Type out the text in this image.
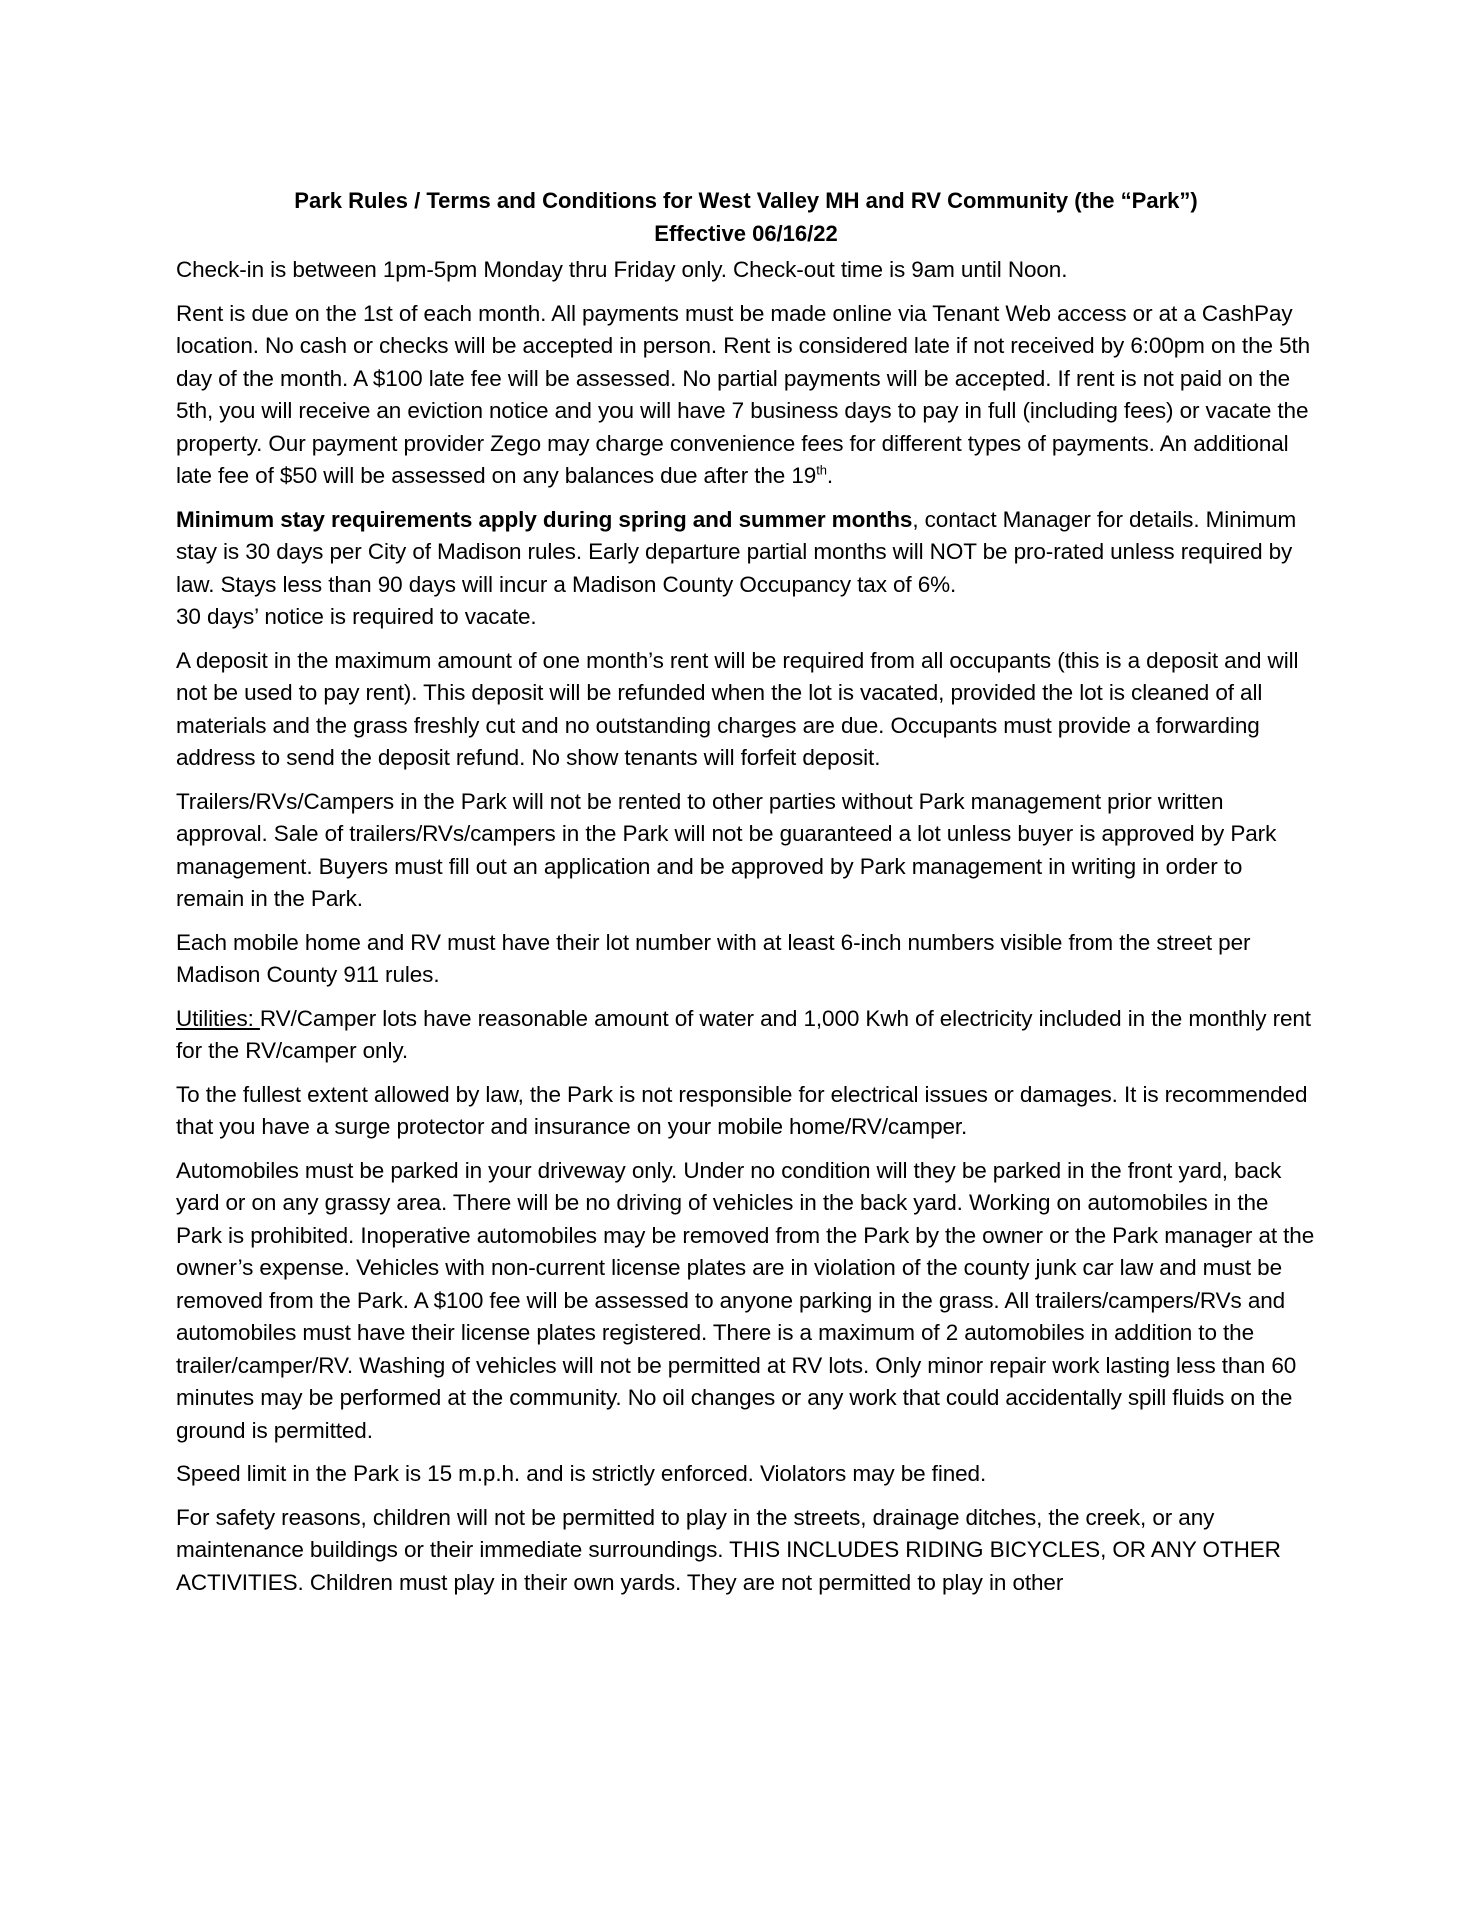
Park Rules / Terms and Conditions for West Valley MH and RV Community (the “Park”)

Effective 06/16/22

Check-in is between 1pm-5pm Monday thru Friday only. Check-out time is 9am until Noon.

Rent is due on the 1st of each month. All payments must be made online via Tenant Web access or at a CashPay location. No cash or checks will be accepted in person. Rent is considered late if not received by 6:00pm on the 5th day of the month. A $100 late fee will be assessed. No partial payments will be accepted. If rent is not paid on the 5th, you will receive an eviction notice and you will have 7 business days to pay in full (including fees) or vacate the property. Our payment provider Zego may charge convenience fees for different types of payments. An additional late fee of $50 will be assessed on any balances due after the 19th.

Minimum stay requirements apply during spring and summer months, contact Manager for details. Minimum stay is 30 days per City of Madison rules. Early departure partial months will NOT be pro-rated unless required by law. Stays less than 90 days will incur a Madison County Occupancy tax of 6%.
30 days’ notice is required to vacate.

A deposit in the maximum amount of one month’s rent will be required from all occupants (this is a deposit and will not be used to pay rent). This deposit will be refunded when the lot is vacated, provided the lot is cleaned of all materials and the grass freshly cut and no outstanding charges are due. Occupants must provide a forwarding address to send the deposit refund. No show tenants will forfeit deposit.

Trailers/RVs/Campers in the Park will not be rented to other parties without Park management prior written approval. Sale of trailers/RVs/campers in the Park will not be guaranteed a lot unless buyer is approved by Park management. Buyers must fill out an application and be approved by Park management in writing in order to remain in the Park.

Each mobile home and RV must have their lot number with at least 6-inch numbers visible from the street per Madison County 911 rules.

Utilities: RV/Camper lots have reasonable amount of water and 1,000 Kwh of electricity included in the monthly rent for the RV/camper only.

To the fullest extent allowed by law, the Park is not responsible for electrical issues or damages. It is recommended that you have a surge protector and insurance on your mobile home/RV/camper.

Automobiles must be parked in your driveway only. Under no condition will they be parked in the front yard, back yard or on any grassy area. There will be no driving of vehicles in the back yard. Working on automobiles in the Park is prohibited. Inoperative automobiles may be removed from the Park by the owner or the Park manager at the owner’s expense. Vehicles with non-current license plates are in violation of the county junk car law and must be removed from the Park. A $100 fee will be assessed to anyone parking in the grass. All trailers/campers/RVs and automobiles must have their license plates registered. There is a maximum of 2 automobiles in addition to the trailer/camper/RV. Washing of vehicles will not be permitted at RV lots. Only minor repair work lasting less than 60 minutes may be performed at the community. No oil changes or any work that could accidentally spill fluids on the ground is permitted.

Speed limit in the Park is 15 m.p.h. and is strictly enforced. Violators may be fined.

For safety reasons, children will not be permitted to play in the streets, drainage ditches, the creek, or any maintenance buildings or their immediate surroundings. THIS INCLUDES RIDING BICYCLES, OR ANY OTHER ACTIVITIES. Children must play in their own yards. They are not permitted to play in other
